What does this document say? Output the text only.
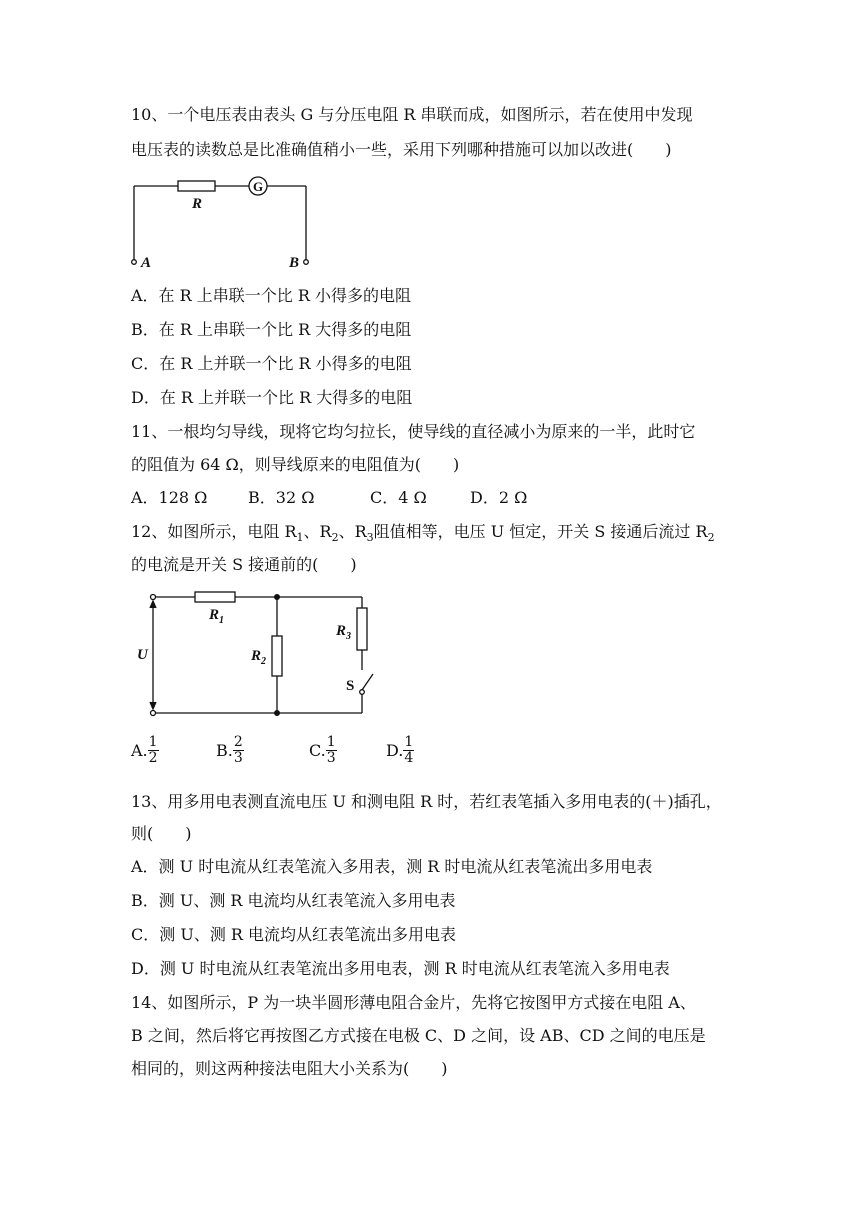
10、一个电压表由表头 G 与分压电阻 R 串联而成，如图所示，若在使用中发现
电压表的读数总是比准确值稍小一些，采用下列哪种措施可以加以改进(　　)
G
R
A	B
A．在 R 上串联一个比 R 小得多的电阻
B．在 R 上串联一个比 R 大得多的电阻
C．在 R 上并联一个比 R 小得多的电阻
D．在 R 上并联一个比 R 大得多的电阻
11、一根均匀导线，现将它均匀拉长，使导线的直径减小为原来的一半，此时它
的阻值为 64 Ω，则导线原来的电阻值为(　　)
A．128 Ω	B．32 Ω	C．4 Ω	D．2 Ω
12、如图所示，电阻 $R_1$、$R_2$、$R_3$阻值相等，电压 U 恒定，开关 S 接通后流过 $R_2$
的电流是开关 S 接通前的(　　)
U
$R_1$
$R_2$
$R_3$
S
A. $\frac{1}{2}$	B. $\frac{2}{3}$	C. $\frac{1}{3}$	D. $\frac{1}{4}$
13、用多用电表测直流电压 U 和测电阻 R 时，若红表笔插入多用电表的(＋)插孔，
则(　　)
A．测 U 时电流从红表笔流入多用表，测 R 时电流从红表笔流出多用电表
B．测 U、测 R 电流均从红表笔流入多用电表
C．测 U、测 R 电流均从红表笔流出多用电表
D．测 U 时电流从红表笔流出多用电表，测 R 时电流从红表笔流入多用电表
14、如图所示，P 为一块半圆形薄电阻合金片，先将它按图甲方式接在电阻 A、
B 之间，然后将它再按图乙方式接在电极 C、D 之间，设 AB、CD 之间的电压是
相同的，则这两种接法电阻大小关系为(　　)
